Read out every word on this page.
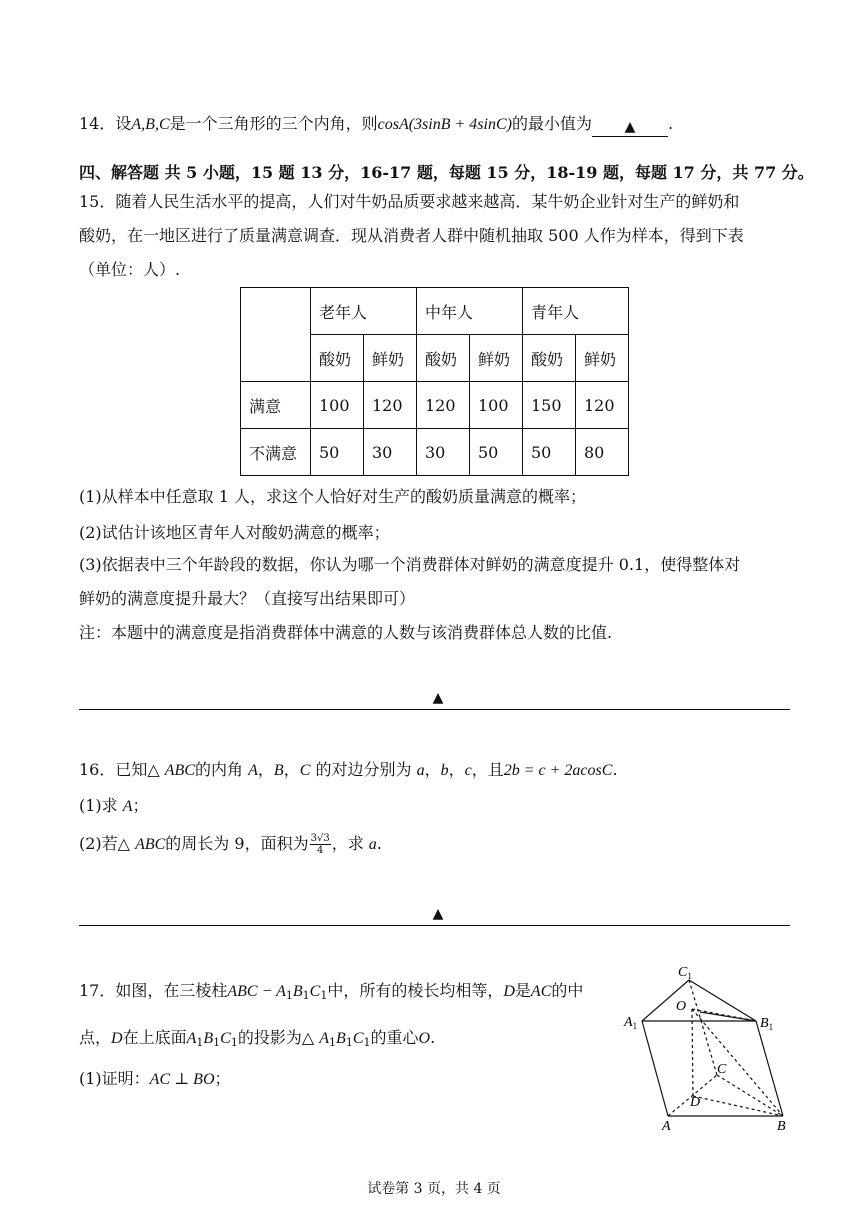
14．设A,B,C是一个三角形的三个内角，则cosA(3sinB + 4sinC)的最小值为 ▲ .
四、解答题 共 5 小题，15 题 13 分，16-17 题，每题 15 分，18-19 题，每题 17 分，共 77 分。
15．随着人民生活水平的提高，人们对牛奶品质要求越来越高．某牛奶企业针对生产的鲜奶和
酸奶，在一地区进行了质量满意调查．现从消费者人群中随机抽取 500 人作为样本，得到下表
（单位：人）.
	老年人		中年人		青年人	
	酸奶	鲜奶	酸奶	鲜奶	酸奶	鲜奶
满意	100	120	120	100	150	120
不满意	50	30	30	50	50	80
(1)从样本中任意取 1 人，求这个人恰好对生产的酸奶质量满意的概率；
(2)试估计该地区青年人对酸奶满意的概率；
(3)依据表中三个年龄段的数据，你认为哪一个消费群体对鲜奶的满意度提升 0.1，使得整体对
鲜奶的满意度提升最大？（直接写出结果即可）
注：本题中的满意度是指消费群体中满意的人数与该消费群体总人数的比值.
▲
16．已知△ ABC的内角 A，B，C 的对边分别为 a，b，c，且2b = c + 2acosC.
(1)求 A；
(2)若△ ABC的周长为 9，面积为 $\frac{3√3}{4}$ ，求 a.
▲
17．如图，在三棱柱ABC − $A_1B_1C_1$中，所有的棱长均相等，D是AC的中
点，D在上底面$A_1B_1C_1$的投影为△ $A_1B_1C_1$的重心O.
(1)证明：AC ⊥ BO；
$C_1$
O
$A_1$	$B_1$
C
D
A	B
试卷第 3 页，共 4 页
